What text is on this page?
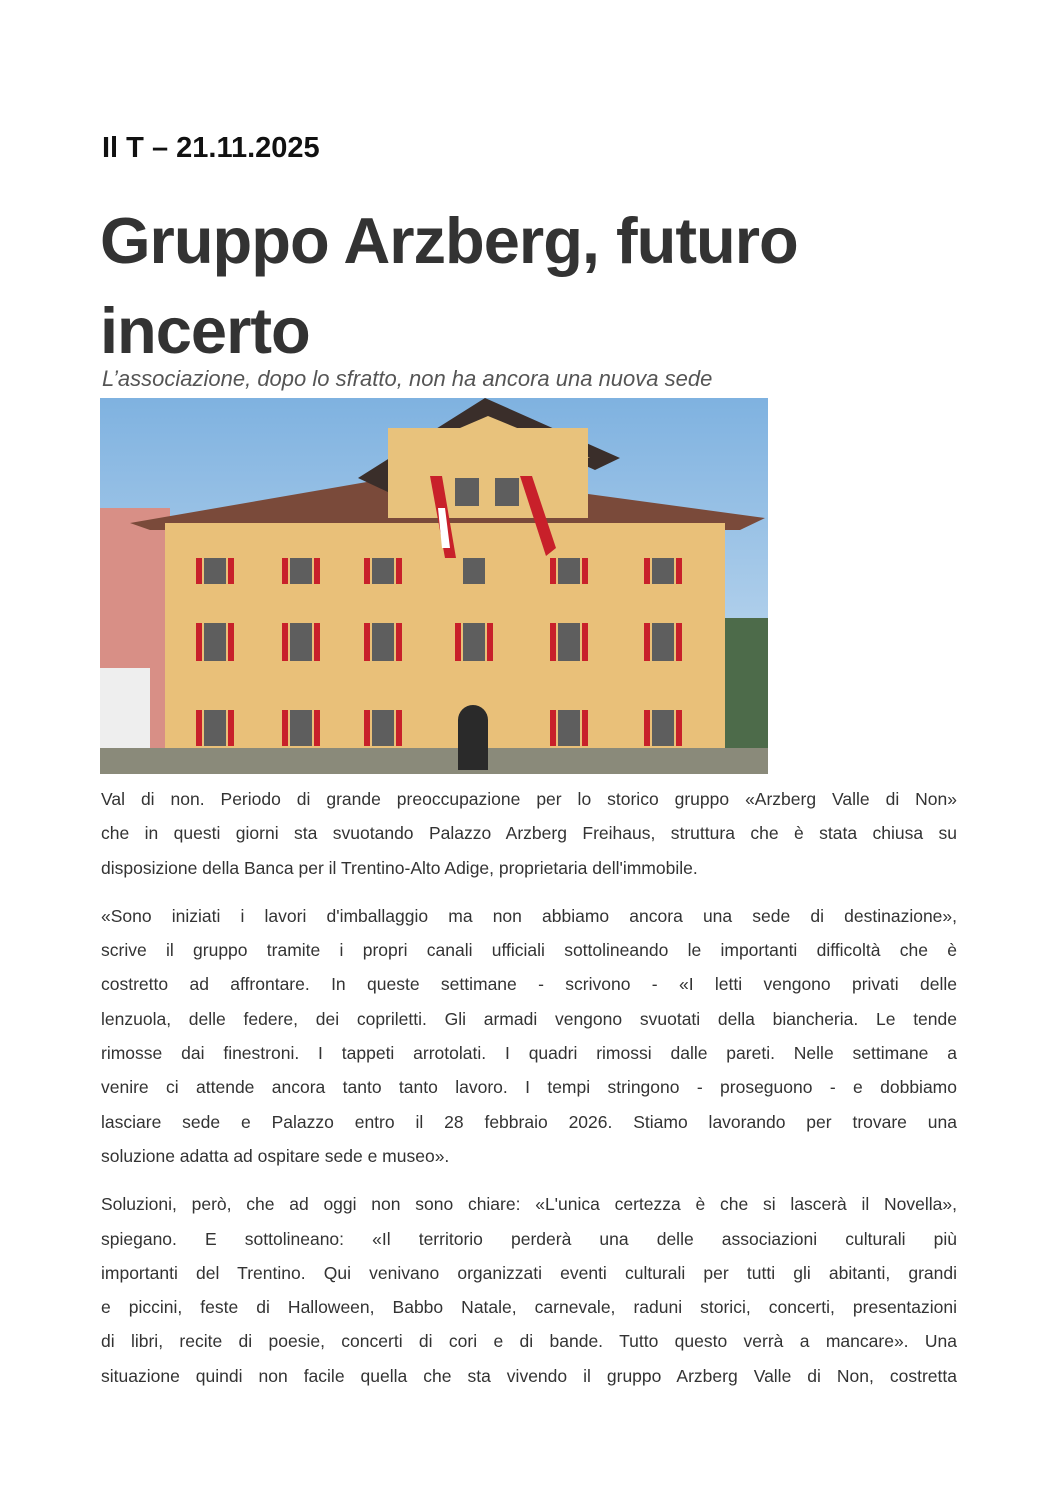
Il T – 21.11.2025
Gruppo Arzberg, futuro incerto
L’associazione, dopo lo sfratto, non ha ancora una nuova sede
Val di non. Periodo di grande preoccupazione per lo storico gruppo «Arzberg Valle di Non»
che in questi giorni sta svuotando Palazzo Arzberg Freihaus, struttura che è stata chiusa su
disposizione della Banca per il Trentino-Alto Adige, proprietaria dell'immobile.
«Sono iniziati i lavori d'imballaggio ma non abbiamo ancora una sede di destinazione»,
scrive il gruppo tramite i propri canali ufficiali sottolineando le importanti difficoltà che è
costretto ad affrontare. In queste settimane - scrivono - «I letti vengono privati delle
lenzuola, delle federe, dei copriletti. Gli armadi vengono svuotati della biancheria. Le tende
rimosse dai finestroni. I tappeti arrotolati. I quadri rimossi dalle pareti. Nelle settimane a
venire ci attende ancora tanto tanto lavoro. I tempi stringono - proseguono - e dobbiamo
lasciare sede e Palazzo entro il 28 febbraio 2026. Stiamo lavorando per trovare una
soluzione adatta ad ospitare sede e museo».
Soluzioni, però, che ad oggi non sono chiare: «L'unica certezza è che si lascerà il Novella»,
spiegano. E sottolineano: «Il territorio perderà una delle associazioni culturali più
importanti del Trentino. Qui venivano organizzati eventi culturali per tutti gli abitanti, grandi
e piccini, feste di Halloween, Babbo Natale, carnevale, raduni storici, concerti, presentazioni
di libri, recite di poesie, concerti di cori e di bande. Tutto questo verrà a mancare». Una
situazione quindi non facile quella che sta vivendo il gruppo Arzberg Valle di Non, costretta
